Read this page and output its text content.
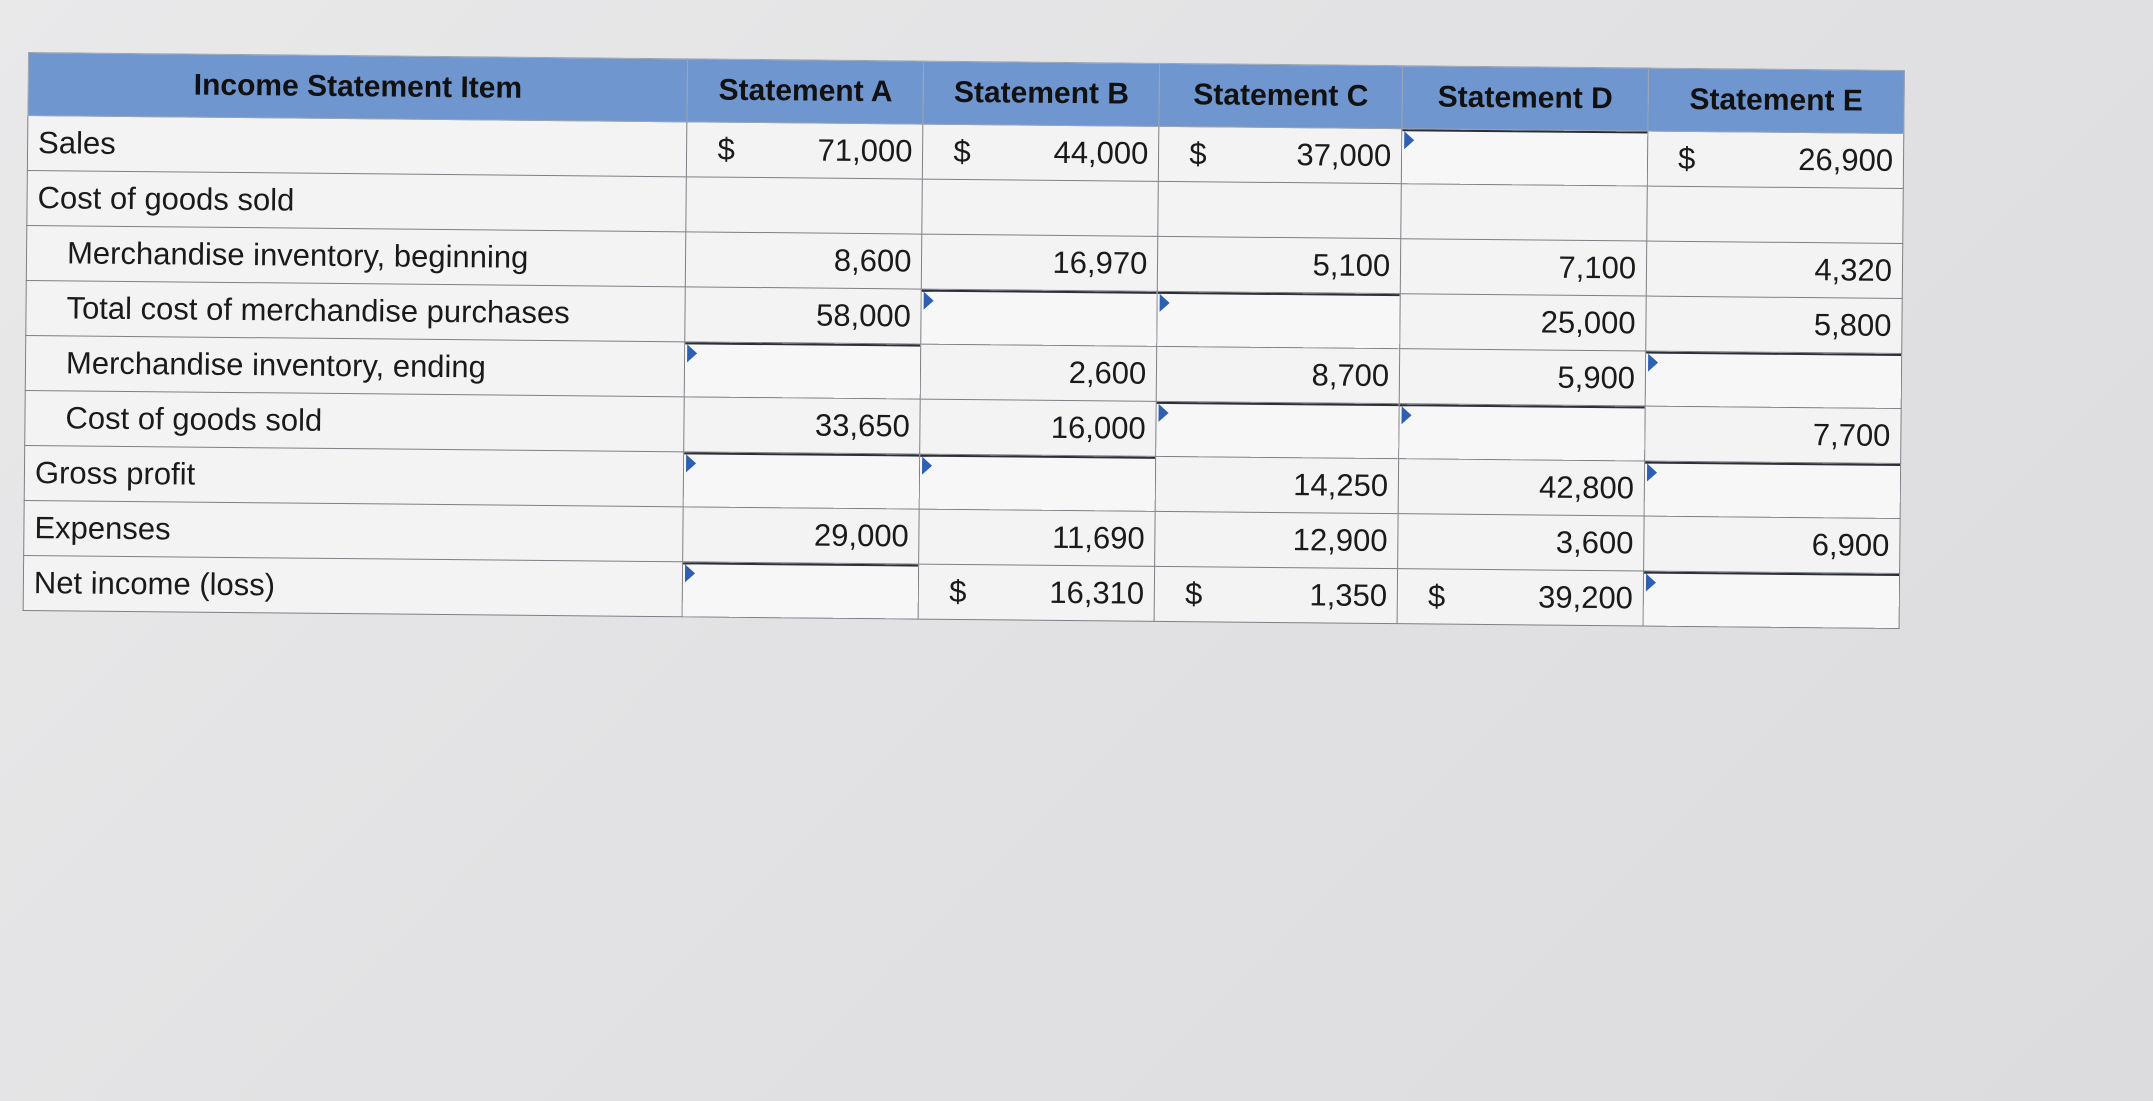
Income Statement Item	Statement A	Statement B	Statement C	Statement D	Statement E
Sales	$ 71,000	$ 44,000	$ 37,000		$ 26,900
Cost of goods sold					
Merchandise inventory, beginning	8,600	16,970	5,100	7,100	4,320
Total cost of merchandise purchases	58,000			25,000	5,800
Merchandise inventory, ending		2,600	8,700	5,900	

Cost of goods sold	33,650	16,000			7,700
Gross profit			14,250	42,800	

Expenses	29,000	11,690	12,900	3,600	6,900
Net income (loss)		$ 16,310	$ 1,350	$ 39,200	
